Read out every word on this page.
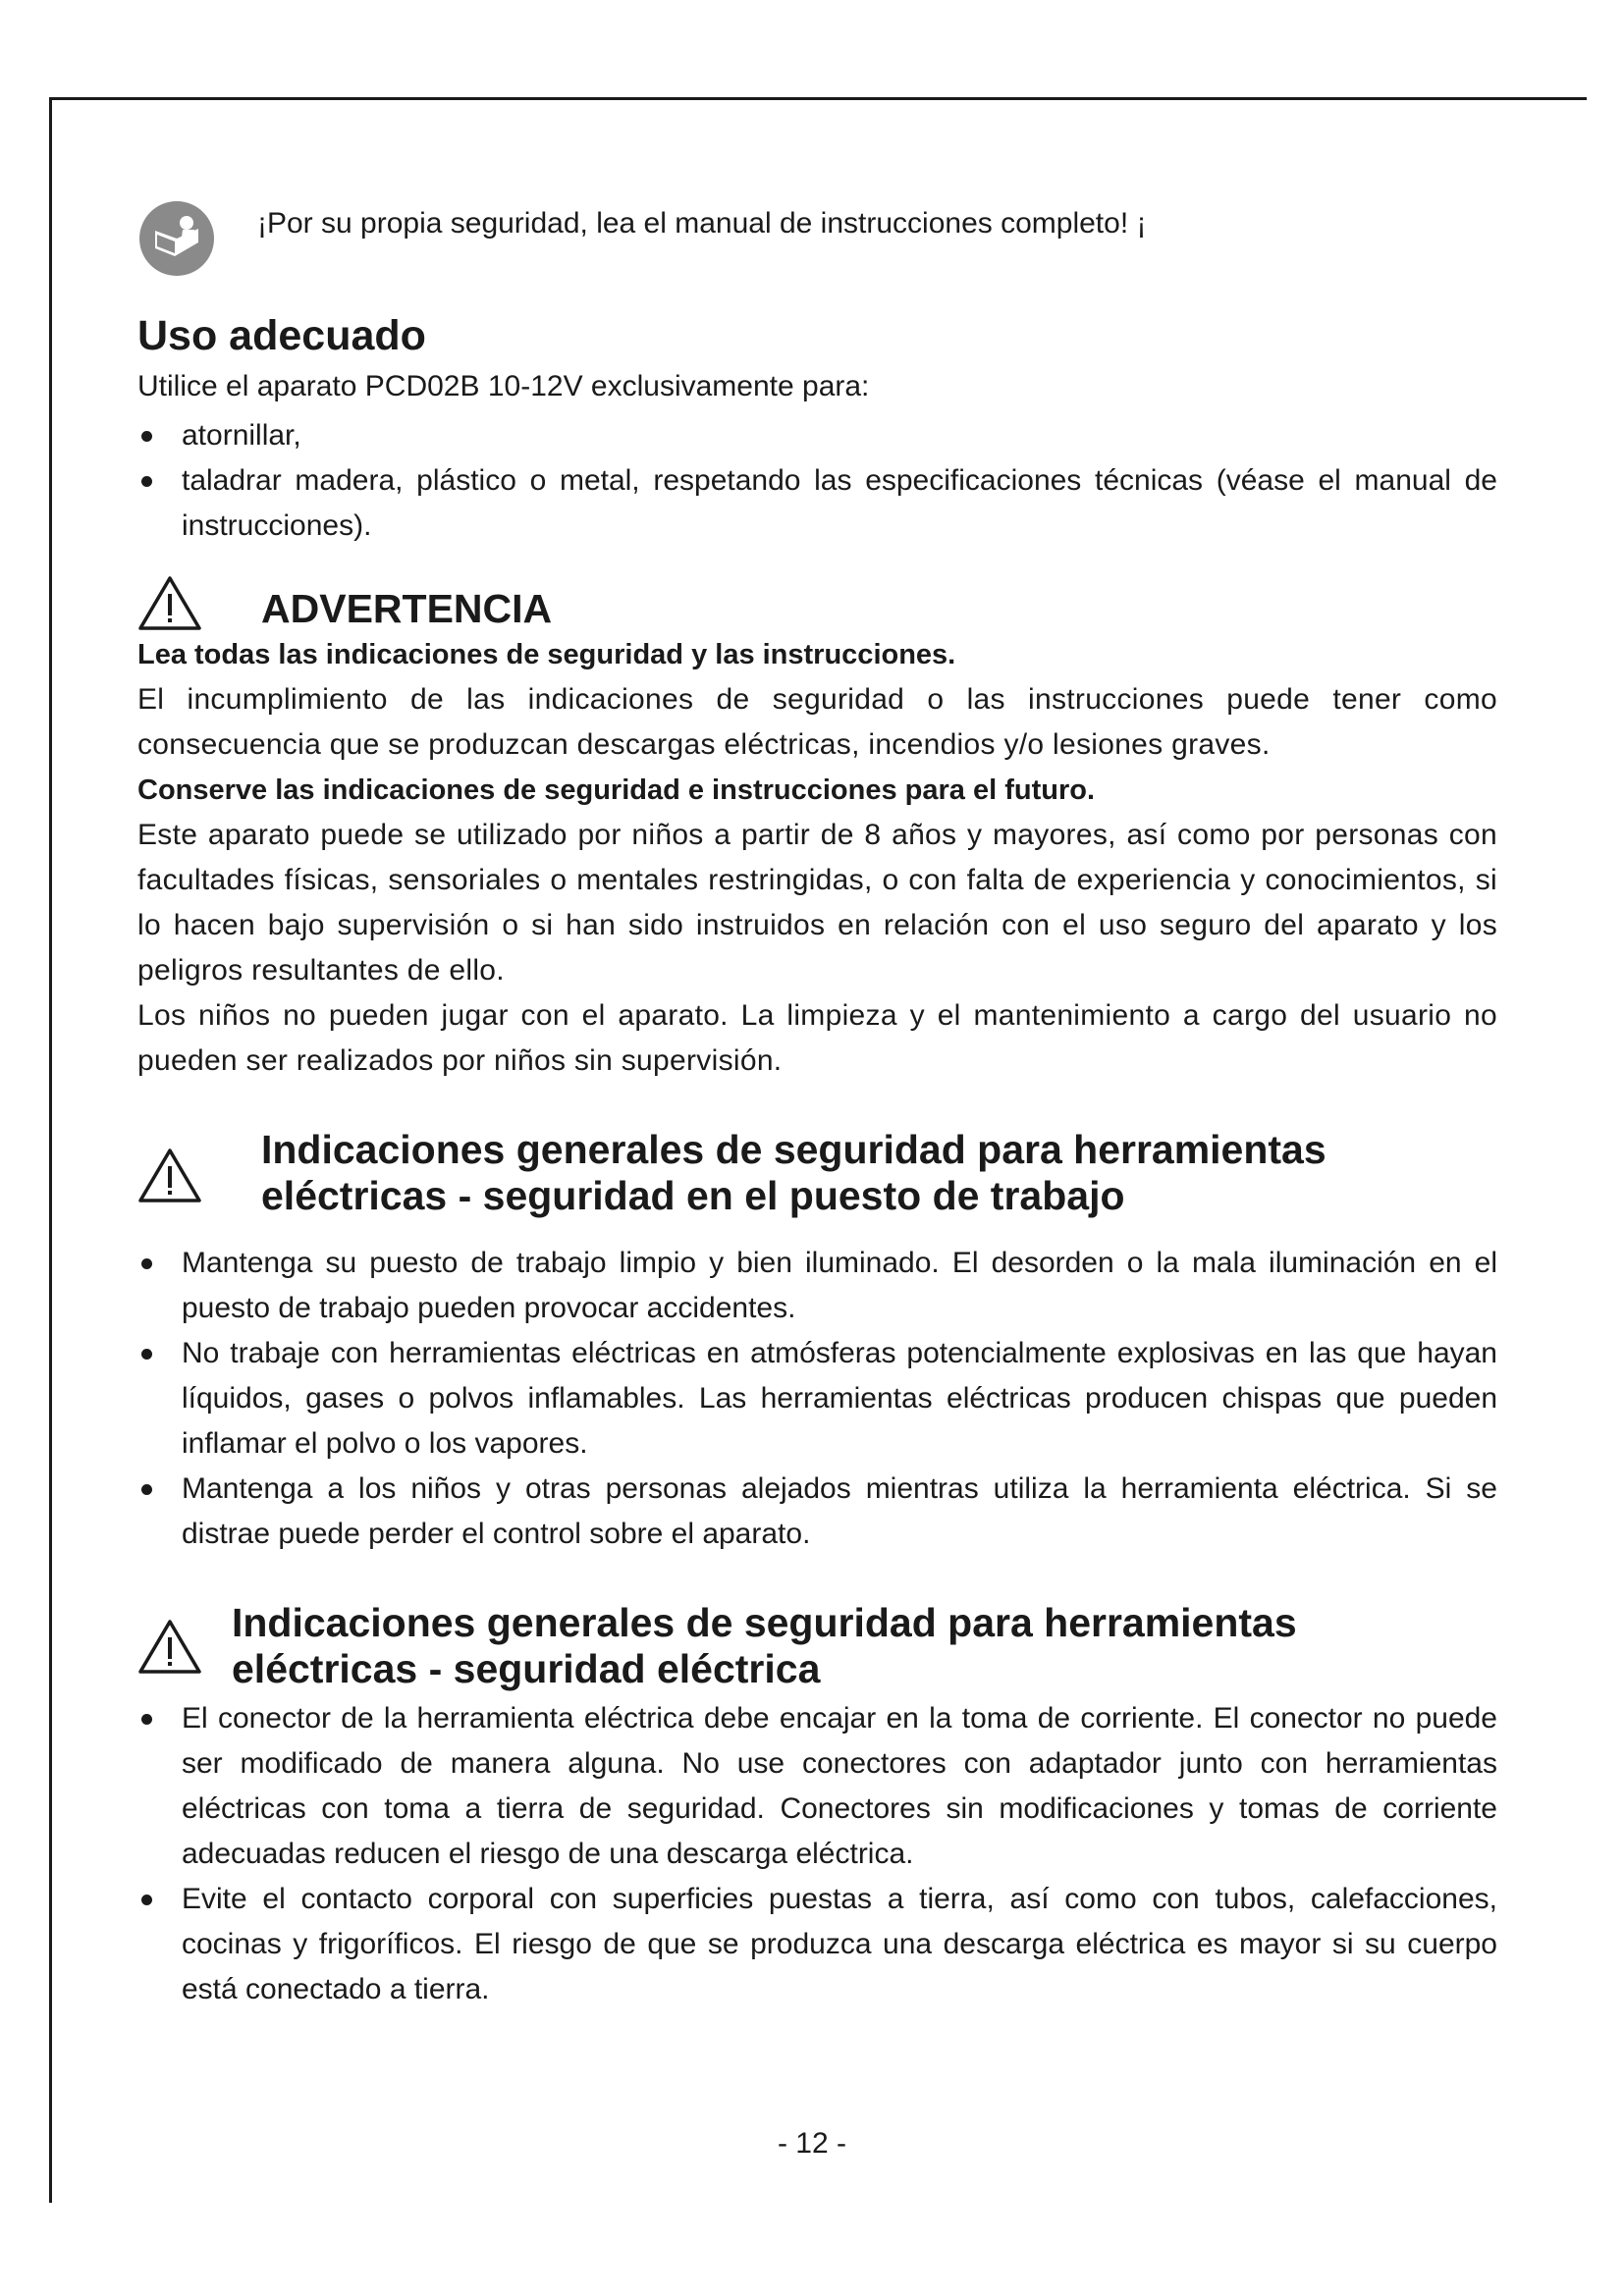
¡Por su propia seguridad, lea el manual de instrucciones completo! ¡
Uso adecuado

Utilice el aparato PCD02B 10-12V exclusivamente para:

atornillar,
taladrar madera, plástico o metal, respetando las especificaciones técnicas (véase el manual de instrucciones).
ADVERTENCIA

Lea todas las indicaciones de seguridad y las instrucciones.

El incumplimiento de las indicaciones de seguridad o las instrucciones puede tener como consecuencia que se produzcan descargas eléctricas, incendios y/o lesiones graves.

Conserve las indicaciones de seguridad e instrucciones para el futuro.

Este aparato puede se utilizado por niños a partir de 8 años y mayores, así como por personas con facultades físicas, sensoriales o mentales restringidas, o con falta de experiencia y conocimientos, si lo hacen bajo supervisión o si han sido instruidos en relación con el uso seguro del aparato y los peligros resultantes de ello.

Los niños no pueden jugar con el aparato. La limpieza y el mantenimiento a cargo del usuario no pueden ser realizados por niños sin supervisión.

Indicaciones generales de seguridad para herramientas
eléctricas - seguridad en el puesto de trabajo
Mantenga su puesto de trabajo limpio y bien iluminado. El desorden o la mala iluminación en el puesto de trabajo pueden provocar accidentes.
No trabaje con herramientas eléctricas en atmósferas potencialmente explosivas en las que hayan líquidos, gases o polvos inflamables. Las herramientas eléctricas producen chispas que pueden inflamar el polvo o los vapores.
Mantenga a los niños y otras personas alejados mientras utiliza la herramienta eléctrica. Si se distrae puede perder el control sobre el aparato.
Indicaciones generales de seguridad para herramientas
eléctricas - seguridad eléctrica
El conector de la herramienta eléctrica debe encajar en la toma de corriente. El conector no puede ser modificado de manera alguna. No use conectores con adaptador junto con herramientas eléctricas con toma a tierra de seguridad. Conectores sin modificaciones y tomas de corriente adecuadas reducen el riesgo de una descarga eléctrica.
Evite el contacto corporal con superficies puestas a tierra, así como con tubos, calefacciones, cocinas y frigoríficos. El riesgo de que se produzca una descarga eléctrica es mayor si su cuerpo está conectado a tierra.
- 12 -
